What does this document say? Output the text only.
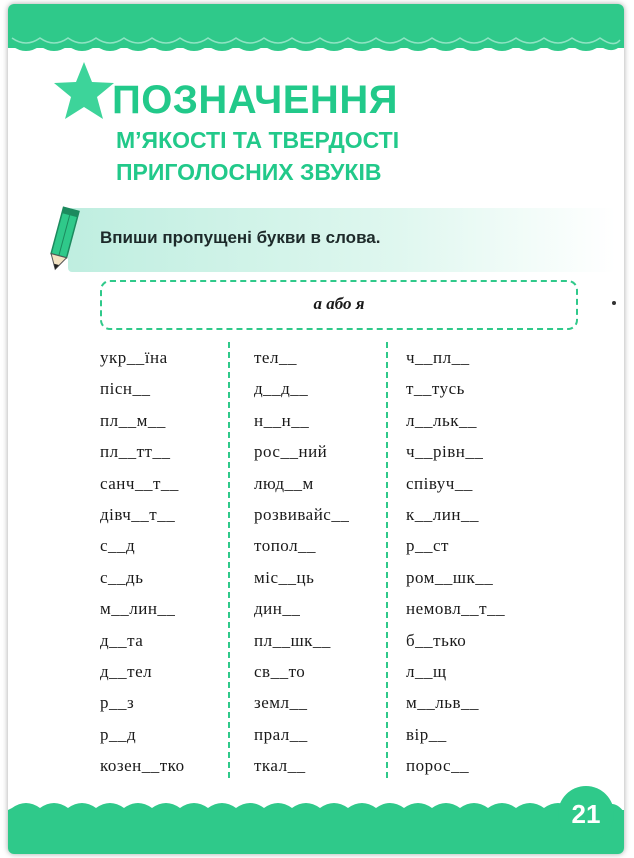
ПОЗНАЧЕННЯ
М’ЯКОСТІ ТА ТВЕРДОСТІ
ПРИГОЛОСНИХ ЗВУКІВ
Впиши пропущені букви в слова.
а або я
укр__їна
пісн__
пл__м__
пл__тт__
санч__т__
дівч__т__
с__д
с__дь
м__лин__
д__та
д__тел
р__з
р__д
козен__тко
тел__
д__д__
н__н__
рос__ний
люд__м
розвивайс__
топол__
міс__ць
дин__
пл__шк__
св__то
земл__
прал__
ткал__
ч__пл__
т__тусь
л__льк__
ч__рівн__
співуч__
к__лин__
р__ст
ром__шк__
немовл__т__
б__тько
л__щ
м__льв__
вір__
порос__
21
